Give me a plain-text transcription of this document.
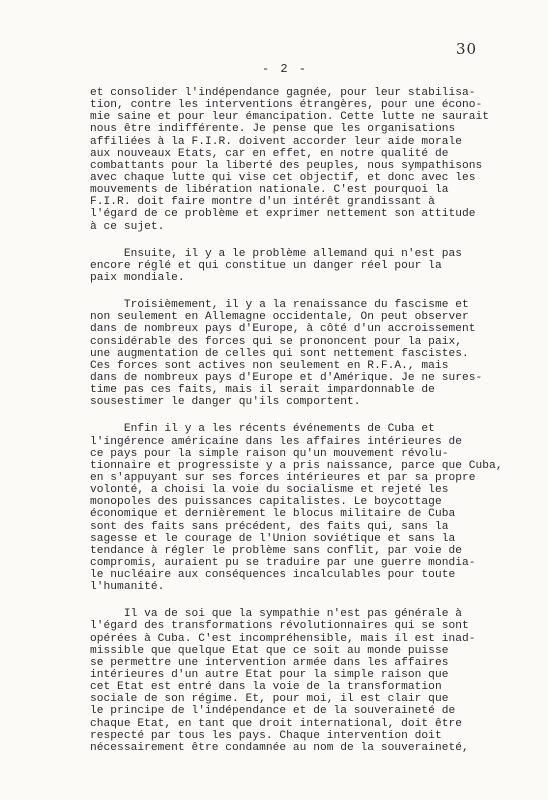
30
- 2 -
et consolider l'indépendance gagnée, pour leur stabilisa-
tion, contre les interventions étrangères, pour une écono-
mie saine et pour leur émancipation. Cette lutte ne saurait
nous être indifférente. Je pense que les organisations
affiliées à la F.I.R. doivent accorder leur aide morale
aux nouveaux Etats, car en effet, en notre qualité de
combattants pour la liberté des peuples, nous sympathisons
avec chaque lutte qui vise cet objectif, et donc avec les
mouvements de libération nationale. C'est pourquoi la
F.I.R. doit faire montre d'un intérêt grandissant à
l'égard de ce problème et exprimer nettement son attitude
à ce sujet.
Ensuite, il y a le problème allemand qui n'est pas
encore réglé et qui constitue un danger réel pour la
paix mondiale.
Troisièmement, il y a la renaissance du fascisme et
non seulement en Allemagne occidentale, On peut observer
dans de nombreux pays d'Europe, à côté d'un accroissement
considérable des forces qui se prononcent pour la paix,
une augmentation de celles qui sont nettement fascistes.
Ces forces sont actives non seulement en R.F.A., mais
dans de nombreux pays d'Europe et d'Amérique. Je ne sures-
time pas ces faits, mais il serait impardonnable de
sousestimer le danger qu'ils comportent.
Enfin il y a les récents événements de Cuba et
l'ingérence américaine dans les affaires intérieures de
ce pays pour la simple raison qu'un mouvement révolu-
tionnaire et progressiste y a pris naissance, parce que Cuba,
en s'appuyant sur ses forces intérieures et par sa propre
volonté, a choisi la voie du socialisme et rejeté les
monopoles des puissances capitalistes. Le boycottage
économique et dernièrement le blocus militaire de Cuba
sont des faits sans précédent, des faits qui, sans la
sagesse et le courage de l'Union soviétique et sans la
tendance à régler le problème sans conflit, par voie de
compromis, auraient pu se traduire par une guerre mondia-
le nucléaire aux conséquences incalculables pour toute
l'humanité.
Il va de soi que la sympathie n'est pas générale à
l'égard des transformations révolutionnaires qui se sont
opérées à Cuba. C'est incompréhensible, mais il est inad-
missible que quelque Etat que ce soit au monde puisse
se permettre une intervention armée dans les affaires
intérieures d'un autre Etat pour la simple raison que
cet Etat est entré dans la voie de la transformation
sociale de son régime. Et, pour moi, il est clair que
le principe de l'indépendance et de la souveraineté de
chaque Etat, en tant que droit international, doit être
respecté par tous les pays. Chaque intervention doit
nécessairement être condamnée au nom de la souveraineté,
